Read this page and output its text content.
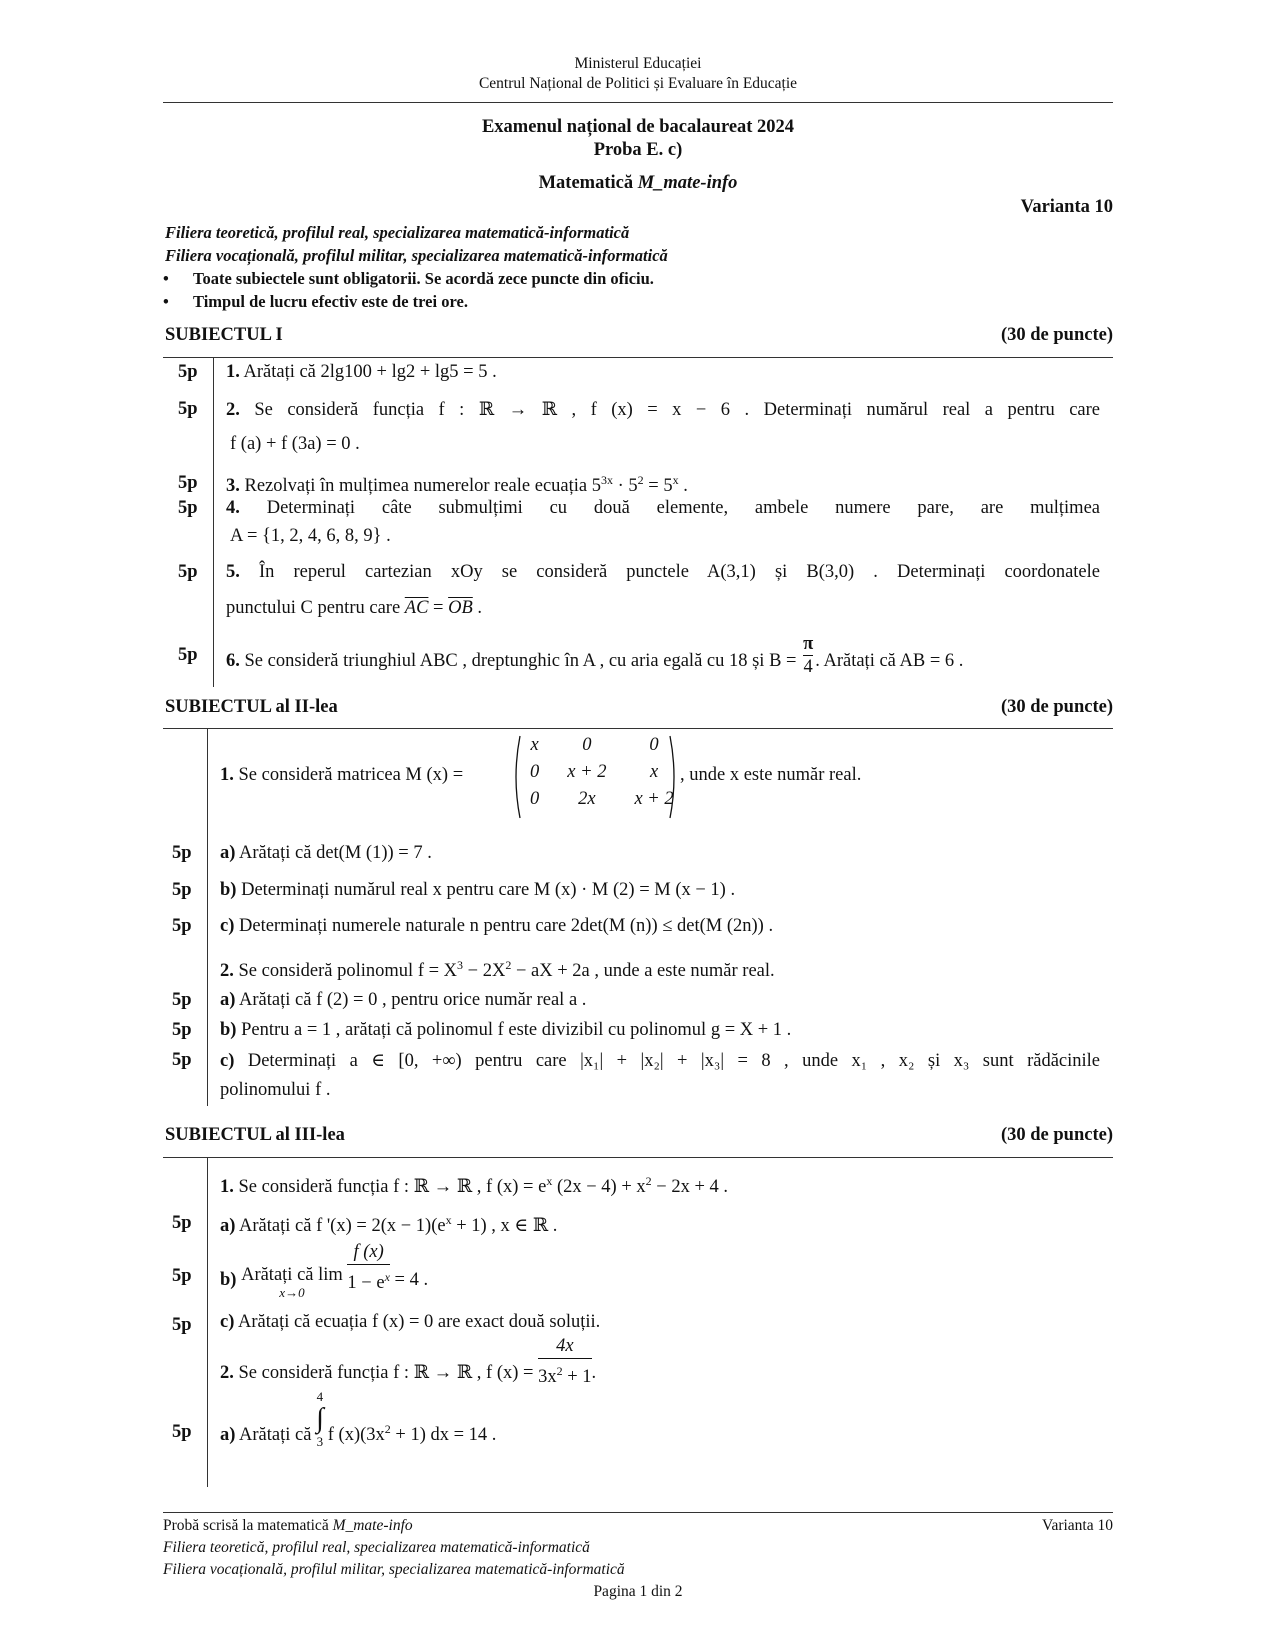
Ministerul Educației
Centrul Național de Politici și Evaluare în Educație
Examenul național de bacalaureat 2024
Proba E. c)
Matematică M_mate-info
Varianta 10
Filiera teoretică, profilul real, specializarea matematică-informatică
Filiera vocațională, profilul militar, specializarea matematică-informatică
• Toate subiectele sunt obligatorii. Se acordă zece puncte din oficiu.
• Timpul de lucru efectiv este de trei ore.
SUBIECTUL I	(30 de puncte)
5p 1. Arătați că 2lg100 + lg2 + lg5 = 5 .
5p 2. Se consideră funcția f : ℝ → ℝ , f (x) = x − 6 . Determinați numărul real a pentru care
f (a) + f (3a) = 0 .
5p 3. Rezolvați în mulțimea numerelor reale ecuația $5^{3x} \cdot 5^2 = 5^x$ .
5p 4. Determinați câte submulțimi cu două elemente, ambele numere pare, are mulțimea
A = {1, 2, 4, 6, 8, 9} .
5p 5. În reperul cartezian xOy se consideră punctele A(3,1) și B(3,0) . Determinați coordonatele
punctului C pentru care $\overline{AC} = \overline{OB}$ .
5p 6. Se consideră triunghiul ABC , dreptunghic în A , cu aria egală cu 18 și $B = \frac{\pi}{4}$ . Arătați că AB = 6 .
SUBIECTUL al II-lea	(30 de puncte)
1. Se consideră matricea M (x) =
x	0	0
0	x + 2	x
0	2x	x + 2
, unde x este număr real.
5p a) Arătați că det(M (1)) = 7 .
5p b) Determinați numărul real x pentru care M (x) · M (2) = M (x − 1) .
5p c) Determinați numerele naturale n pentru care 2det(M (n)) ≤ det(M (2n)) .
2. Se consideră polinomul $f = X^3 - 2X^2$ − aX + 2a , unde a este număr real.
5p a) Arătați că f (2) = 0 , pentru orice număr real a .
5p b) Pentru a = 1 , arătați că polinomul f este divizibil cu polinomul g = X + 1 .
5p c) Determinați a ∈ [0, +∞) pentru care |x₁| + |x₂| + |x₃| = 8 , unde x₁ , x₂ și x₃ sunt rădăcinile
polinomului f .
SUBIECTUL al III-lea	(30 de puncte)
1. Se consideră funcția f : ℝ → ℝ , f $(x) = e^x$ $(2x - 4) + x^2 - 2x + 4$ .
5p a) Arătați că f '$(x) = 2(x - 1)(e^x + 1)$ , x ∈ ℝ .
5p b) Arătați că lim
x→0
	$\frac{f (x)}{1 - e^x} = 4$ .
5p c) Arătați că ecuația f (x) = 0 are exact două soluții.
2. Se consideră funcția f : ℝ → ℝ , f $(x) = \frac{4x}{3x^2 + 1}$ .
5p a) Arătați că
4
∫
3 f $(x)(3x^2 + 1)$ dx = 14 .
Probă scrisă la matematică M_mate-info	Varianta 10
Filiera teoretică, profilul real, specializarea matematică-informatică
Filiera vocațională, profilul militar, specializarea matematică-informatică
Pagina 1 din 2
